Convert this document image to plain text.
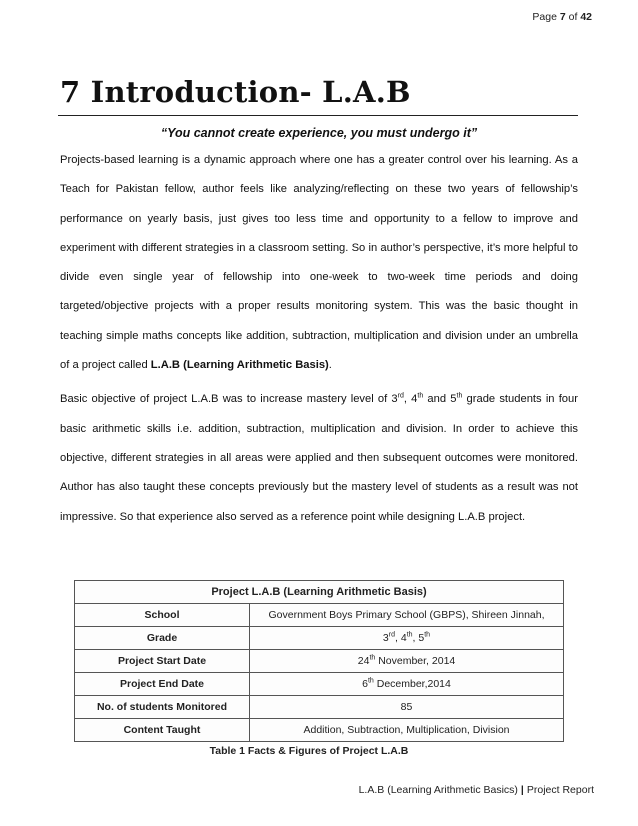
Page 7 of 42
7 Introduction- L.A.B
“You cannot create experience, you must undergo it”

Projects-based learning is a dynamic approach where one has a greater control over his learning. As a Teach for Pakistan fellow, author feels like analyzing/reflecting on these two years of fellowship’s performance on yearly basis, just gives too less time and opportunity to a fellow to improve and experiment with different strategies in a classroom setting. So in author’s perspective, it’s more helpful to divide even single year of fellowship into one-week to two-week time periods and doing targeted/objective projects with a proper results monitoring system. This was the basic thought in teaching simple maths concepts like addition, subtraction, multiplication and division under an umbrella of a project called L.A.B (Learning Arithmetic Basis).

Basic objective of project L.A.B was to increase mastery level of 3rd, 4th and 5th grade students in four basic arithmetic skills i.e. addition, subtraction, multiplication and division. In order to achieve this objective, different strategies in all areas were applied and then subsequent outcomes were monitored. Author has also taught these concepts previously but the mastery level of students as a result was not impressive. So that experience also served as a reference point while designing L.A.B project.

Project L.A.B (Learning Arithmetic Basis)	
School	Government Boys Primary School (GBPS), Shireen Jinnah,
Grade	3rd, 4th, 5th
Project Start Date	24th November, 2014
Project End Date	6th December,2014
No. of students Monitored	85
Content Taught	Addition, Subtraction, Multiplication, Division
Table 1 Facts & Figures of Project L.A.B
L.A.B (Learning Arithmetic Basics) | Project Report
